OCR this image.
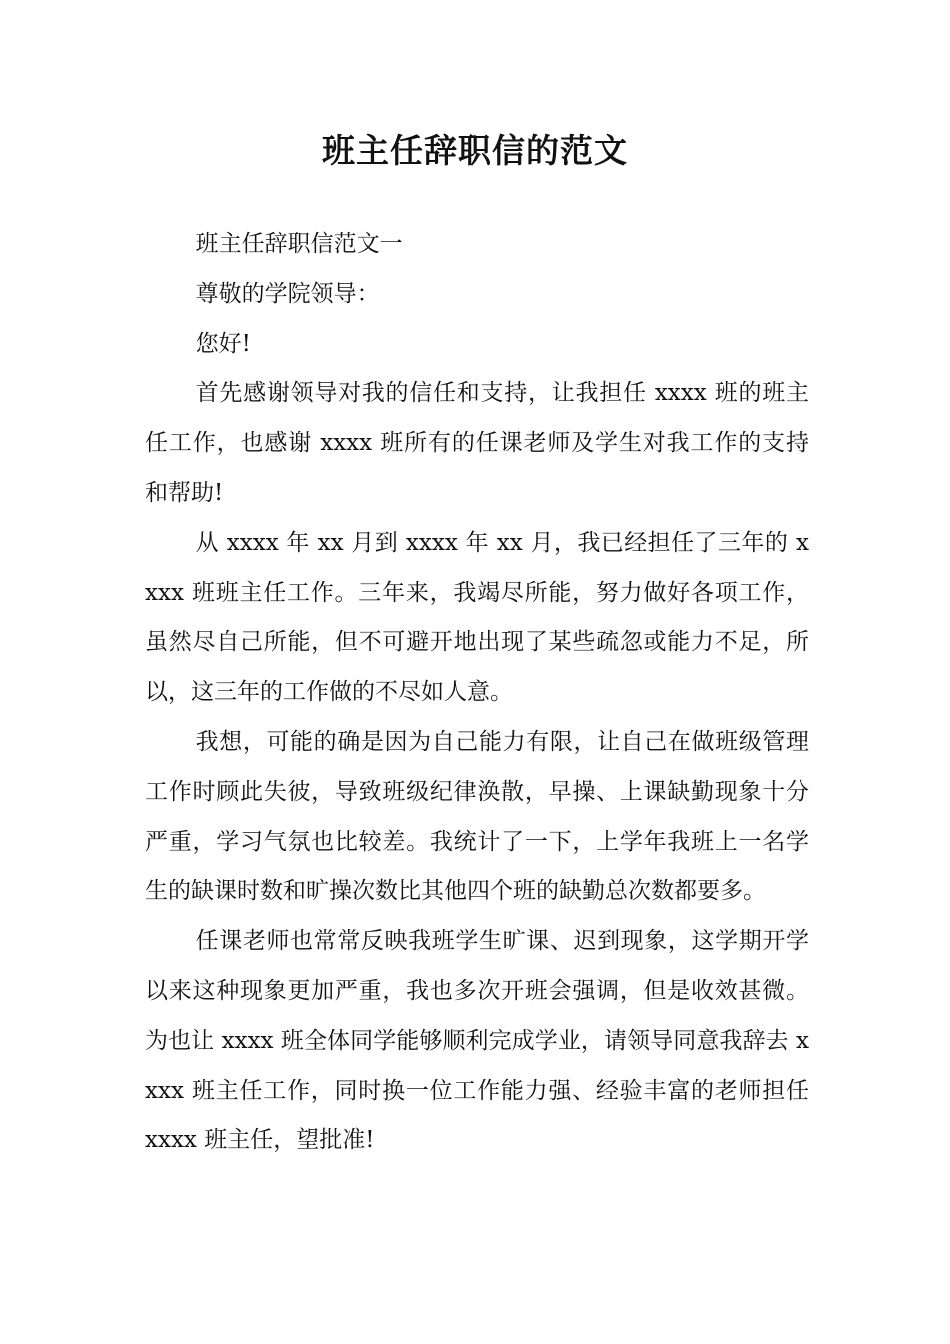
班主任辞职信的范文

班主任辞职信范文一

尊敬的学院领导：

您好!

首先感谢领导对我的信任和支持，让我担任 xxxx 班的班主任工作，也感谢 xxxx 班所有的任课老师及学生对我工作的支持和帮助!

从 xxxx 年 xx 月到 xxxx 年 xx 月，我已经担任了三年的 xxxx 班班主任工作。三年来，我竭尽所能，努力做好各项工作，虽然尽自己所能，但不可避开地出现了某些疏忽或能力不足，所以，这三年的工作做的不尽如人意。

我想，可能的确是因为自己能力有限，让自己在做班级管理工作时顾此失彼，导致班级纪律涣散，早操、上课缺勤现象十分严重，学习气氛也比较差。我统计了一下，上学年我班上一名学生的缺课时数和旷操次数比其他四个班的缺勤总次数都要多。

任课老师也常常反映我班学生旷课、迟到现象，这学期开学以来这种现象更加严重，我也多次开班会强调，但是收效甚微。为也让 xxxx 班全体同学能够顺利完成学业，请领导同意我辞去 xxxx 班主任工作，同时换一位工作能力强、经验丰富的老师担任 xxxx 班主任，望批准!
